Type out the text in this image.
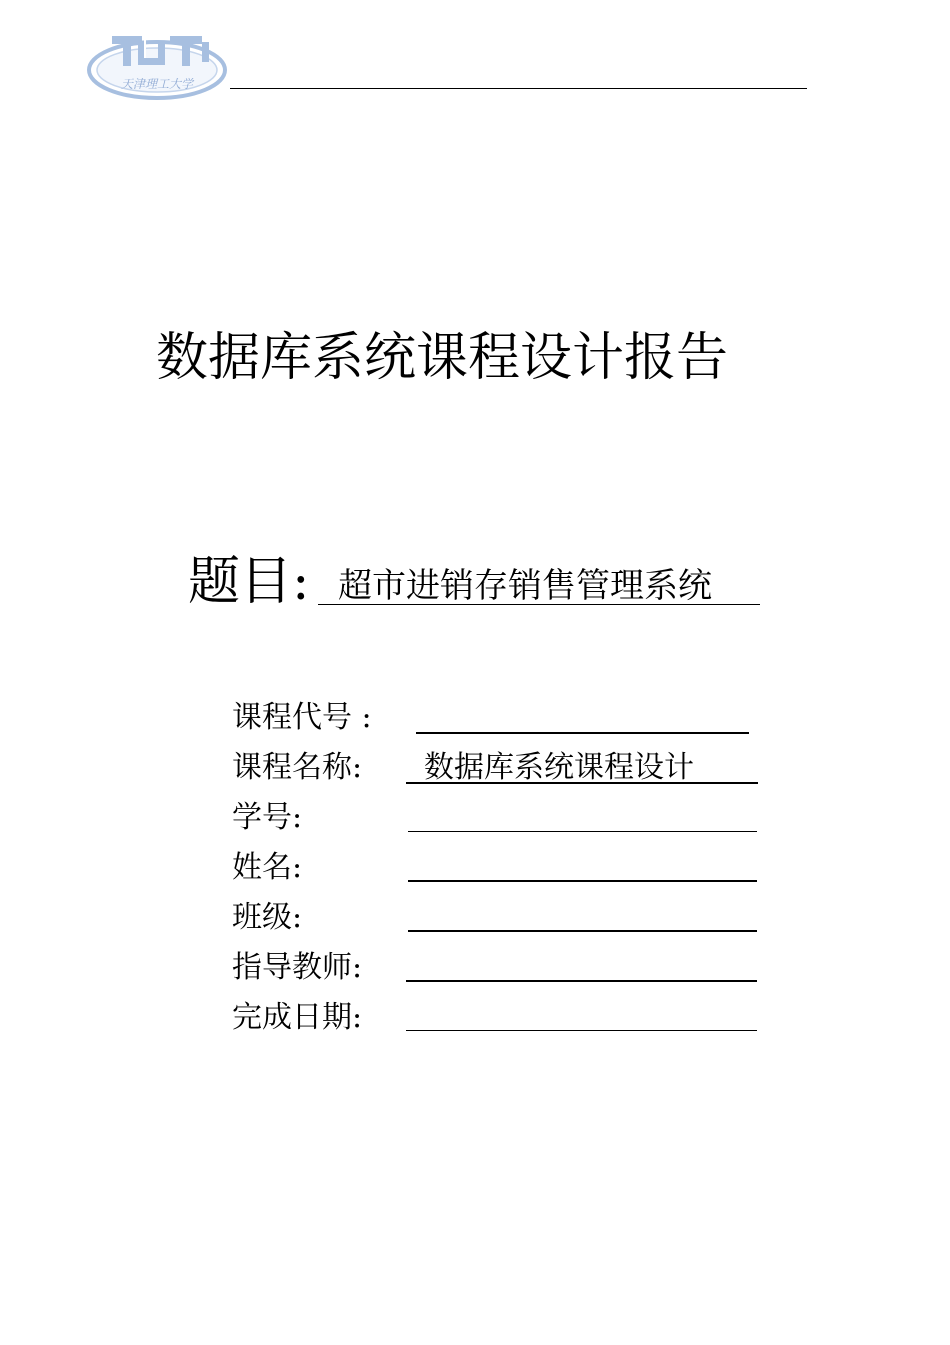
天津理工大学
数据库系统课程设计报告
题目: 超市进销存销售管理系统
课程代号 :
课程名称: 数据库系统课程设计
学号:
姓名:
班级:
指导教师:
完成日期:
